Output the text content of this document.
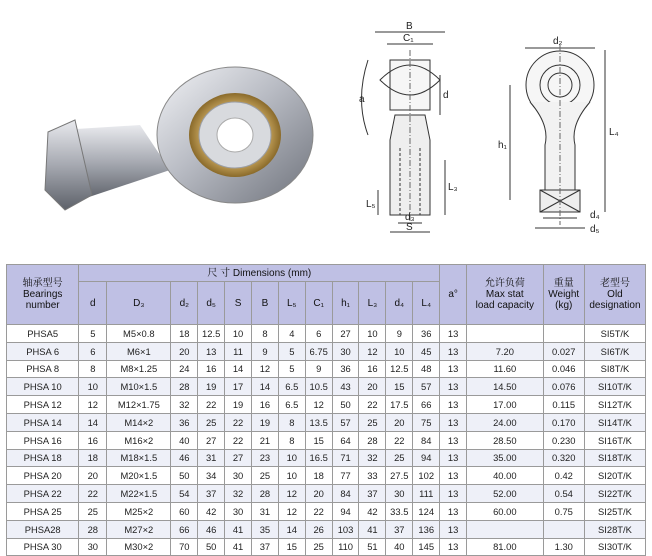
B
C₁
a	d
L₃
L₅
d₃
S
d₂
h₁
L₄
d₄
d₅
轴承型号
Bearings
number	尺 寸 Dimensions (mm)												a°	允许负荷
Max stat
load capacity	重量
Weight
(kg)	老型号
Old
designation
	d	D₃	d₂	d₅	S	B	L₅	C₁	h₁	L₃	d₄	L₄				
PHSA5	5	M5×0.8	18	12.5	10	8	4	6	27	10	9	36	13			SI5T/K
PHSA 6	6	M6×1	20	13	11	9	5	6.75	30	12	10	45	13	7.20	0.027	SI6T/K
PHSA 8	8	M8×1.25	24	16	14	12	5	9	36	16	12.5	48	13	11.60	0.046	SI8T/K
PHSA 10	10	M10×1.5	28	19	17	14	6.5	10.5	43	20	15	57	13	14.50	0.076	SI10T/K
PHSA 12	12	M12×1.75	32	22	19	16	6.5	12	50	22	17.5	66	13	17.00	0.115	SI12T/K
PHSA 14	14	M14×2	36	25	22	19	8	13.5	57	25	20	75	13	24.00	0.170	SI14T/K
PHSA 16	16	M16×2	40	27	22	21	8	15	64	28	22	84	13	28.50	0.230	SI16T/K
PHSA 18	18	M18×1.5	46	31	27	23	10	16.5	71	32	25	94	13	35.00	0.320	SI18T/K
PHSA 20	20	M20×1.5	50	34	30	25	10	18	77	33	27.5	102	13	40.00	0.42	SI20T/K
PHSA 22	22	M22×1.5	54	37	32	28	12	20	84	37	30	111	13	52.00	0.54	SI22T/K
PHSA 25	25	M25×2	60	42	30	31	12	22	94	42	33.5	124	13	60.00	0.75	SI25T/K
PHSA28	28	M27×2	66	46	41	35	14	26	103	41	37	136	13			SI28T/K
PHSA 30	30	M30×2	70	50	41	37	15	25	110	51	40	145	13	81.00	1.30	SI30T/K
